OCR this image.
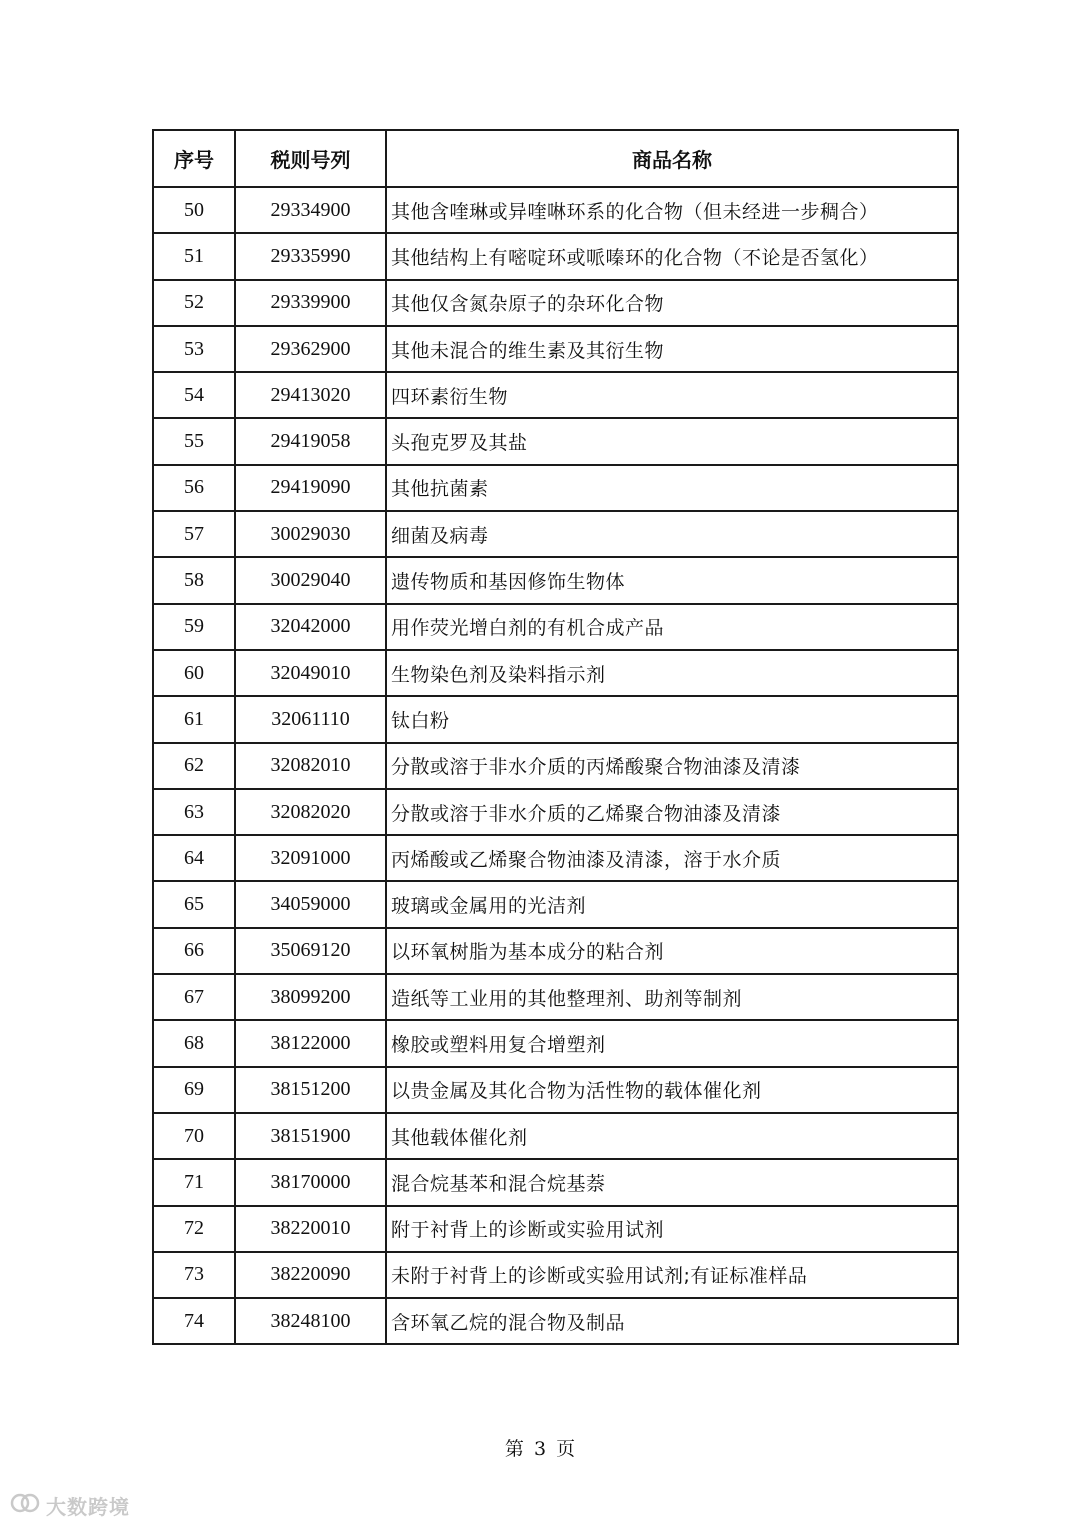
序号	税则号列	商品名称
50	29334900	其他含喹琳或异喹啉环系的化合物（但未经进一步稠合）
51	29335990	其他结构上有嘧啶环或哌嗪环的化合物（不论是否氢化）
52	29339900	其他仅含氮杂原子的杂环化合物
53	29362900	其他未混合的维生素及其衍生物
54	29413020	四环素衍生物
55	29419058	头孢克罗及其盐
56	29419090	其他抗菌素
57	30029030	细菌及病毒
58	30029040	遗传物质和基因修饰生物体
59	32042000	用作荧光增白剂的有机合成产品
60	32049010	生物染色剂及染料指示剂
61	32061110	钛白粉
62	32082010	分散或溶于非水介质的丙烯酸聚合物油漆及清漆
63	32082020	分散或溶于非水介质的乙烯聚合物油漆及清漆
64	32091000	丙烯酸或乙烯聚合物油漆及清漆，溶于水介质
65	34059000	玻璃或金属用的光洁剂
66	35069120	以环氧树脂为基本成分的粘合剂
67	38099200	造纸等工业用的其他整理剂、助剂等制剂
68	38122000	橡胶或塑料用复合增塑剂
69	38151200	以贵金属及其化合物为活性物的载体催化剂
70	38151900	其他载体催化剂
71	38170000	混合烷基苯和混合烷基萘
72	38220010	附于衬背上的诊断或实验用试剂
73	38220090	未附于衬背上的诊断或实验用试剂;有证标准样品
74	38248100	含环氧乙烷的混合物及制品
第 3 页
大数跨境
